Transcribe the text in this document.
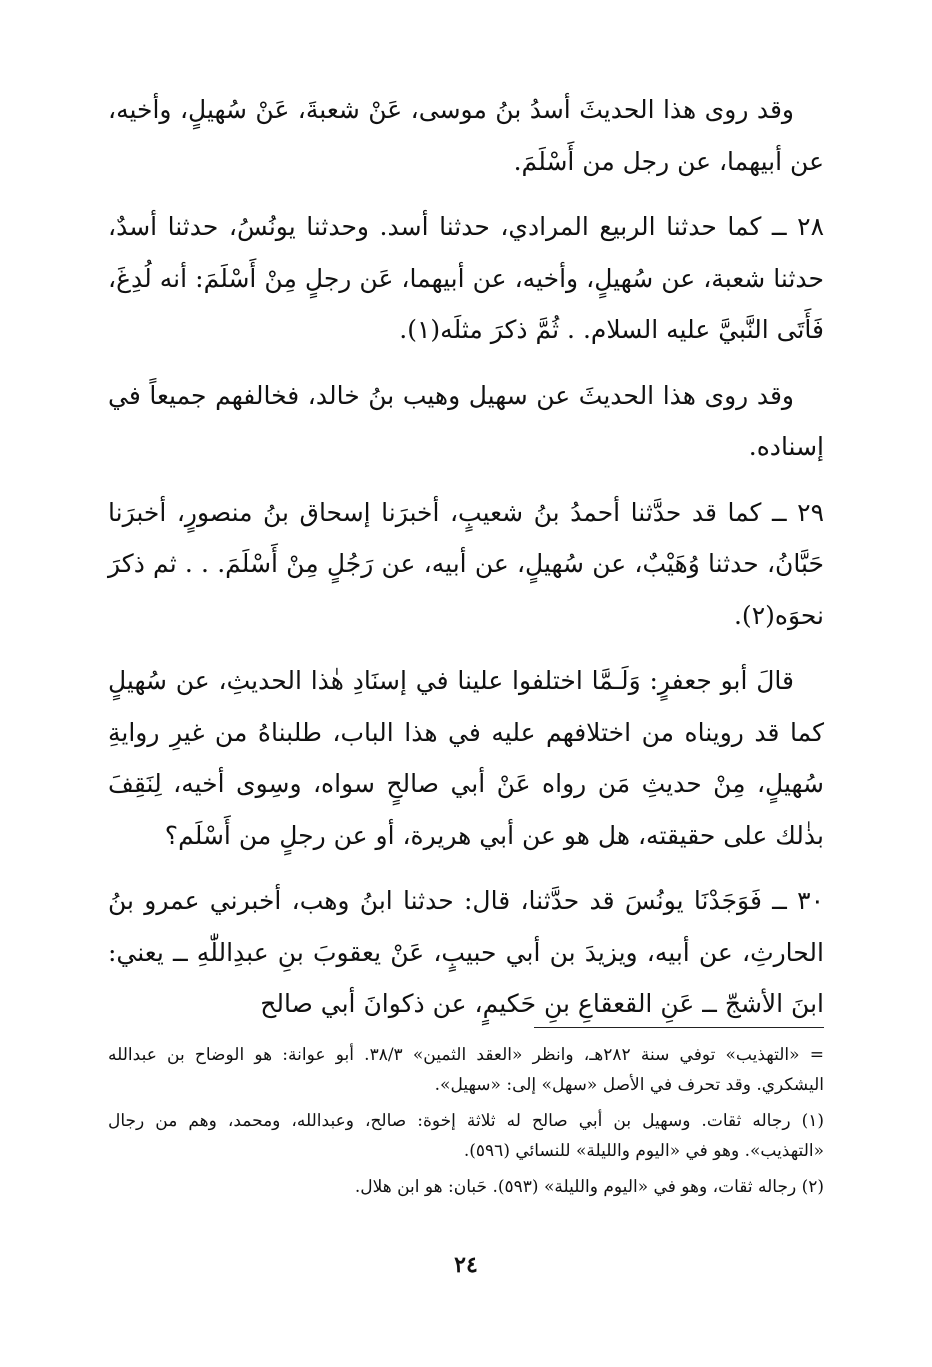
وقد روى هذا الحديثَ أسدُ بنُ موسى، عَنْ شعبةَ، عَنْ سُهيلٍ، وأخيه، عن أبيهما، عن رجل من أَسْلَمَ.

٢٨ ــ كما حدثنا الربيع المرادي، حدثنا أسد. وحدثنا يونُسُ، حدثنا أسدٌ، حدثنا شعبة، عن سُهيلٍ، وأخيه، عن أبيهما، عَن رجلٍ مِنْ أَسْلَمَ: أنه لُدِغَ، فَأَتَى النَّبيَّ عليه السلام. . ثُمَّ ذكرَ مثلَه(١).

وقد روى هذا الحديثَ عن سهيل وهيب بنُ خالد، فخالفهم جميعاً في إسناده.

٢٩ ــ كما قد حدَّثنا أحمدُ بنُ شعيبٍ، أخبرَنا إسحاق بنُ منصورٍ، أخبرَنا حَبَّانُ، حدثنا وُهَيْبٌ، عن سُهيلٍ، عن أبيه، عن رَجُلٍ مِنْ أَسْلَمَ. . . ثم ذكرَ نحوَه(٢).

قالَ أبو جعفرٍ: وَلَـمَّا اختلفوا علينا في إسنَادِ هٰذا الحديثِ، عن سُهيلٍ كما قد رويناه من اختلافهم عليه في هذا الباب، طلبناهُ من غيرِ روايةِ سُهيلٍ، مِنْ حديثِ مَن رواه عَنْ أبي صالحٍ سواه، وسِوى أخيه، لِنَقِفَ بذٰلك على حقيقته، هل هو عن أبي هريرة، أو عن رجلٍ من أَسْلَم؟

٣٠ ــ فَوَجَدْنَا يونُسَ قد حدَّثنا، قال: حدثنا ابنُ وهب، أخبرني عمرو بنُ الحارثِ، عن أبيه، ويزيدَ بن أبي حبيبٍ، عَنْ يعقوبَ بنِ عبدِاللّٰهِ ــ يعني: ابنَ الأشجّ ــ عَنِ القعقاعِ بنِ حَكيمٍ، عن ذكوانَ أبي صالح

= «التهذيب» توفي سنة ٢٨٢هـ، وانظر «العقد الثمين» ٣٨/٣. أبو عوانة: هو الوضاح بن عبدالله اليشكري. وقد تحرف في الأصل «سهل» إلى: «سهيل».

(١) رجاله ثقات. وسهيل بن أبي صالح له ثلاثة إخوة: صالح، وعبدالله، ومحمد، وهم من رجال «التهذيب». وهو في «اليوم والليلة» للنسائي (٥٩٦).

(٢) رجاله ثقات، وهو في «اليوم والليلة» (٥٩٣). حَبان: هو ابن هلال.

٢٤
